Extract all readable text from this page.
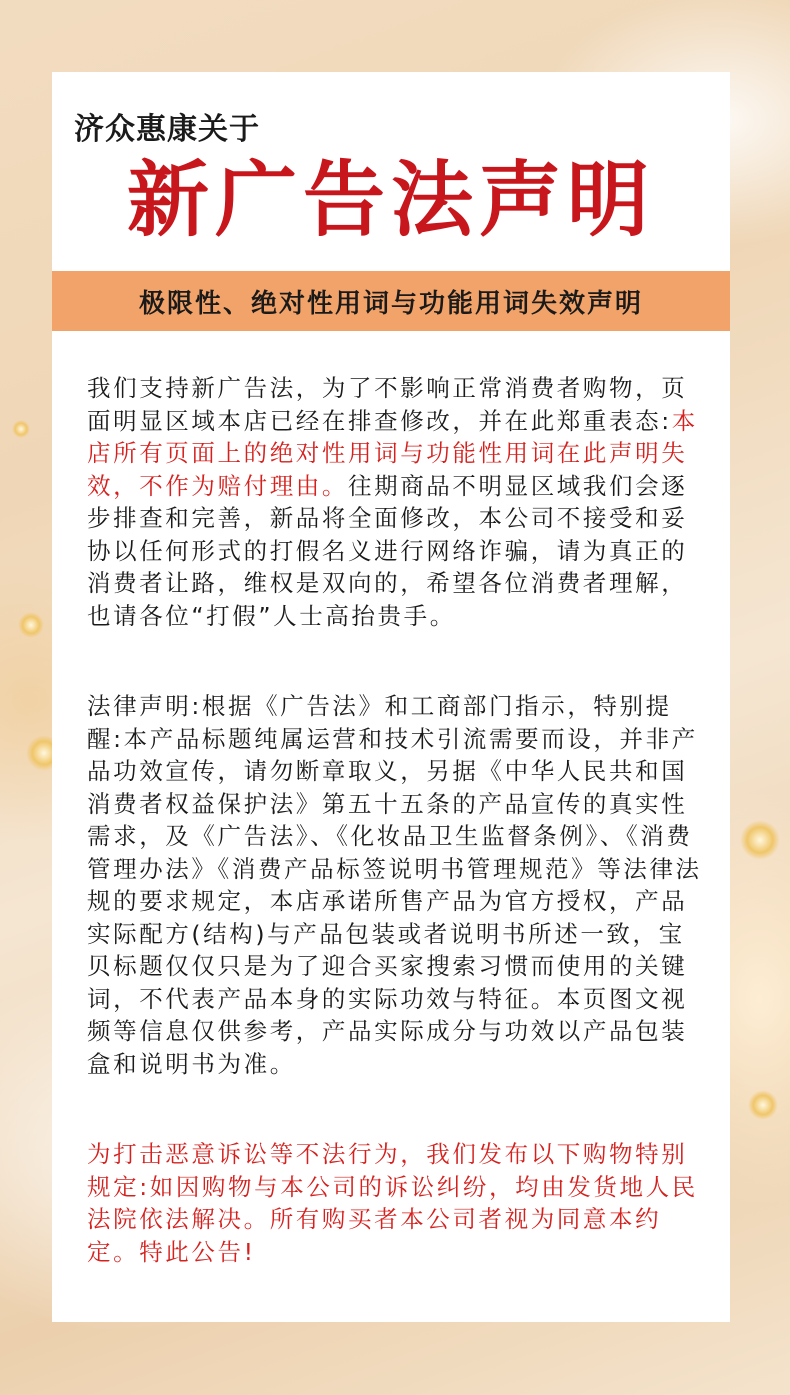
济众惠康关于
新广告法声明
极限性、绝对性用词与功能用词失效声明

我们支持新广告法，为了不影响正常消费者购物，页面明显区域本店已经在排查修改，并在此郑重表态:本店所有页面上的绝对性用词与功能性用词在此声明失效，不作为赔付理由。往期商品不明显区域我们会逐步排查和完善，新品将全面修改，本公司不接受和妥协以任何形式的打假名义进行网络诈骗，请为真正的消费者让路，维权是双向的，希望各位消费者理解，也请各位“打假”人士高抬贵手。

法律声明:根据《广告法》和工商部门指示，特别提醒:本产品标题纯属运营和技术引流需要而设，并非产品功效宣传，请勿断章取义，另据《中华人民共和国消费者权益保护法》第五十五条的产品宣传的真实性需求，及《广告法》、《化妆品卫生监督条例》、《消费管理办法》《消费产品标签说明书管理规范》等法律法规的要求规定，本店承诺所售产品为官方授权，产品实际配方(结构)与产品包装或者说明书所述一致，宝贝标题仅仅只是为了迎合买家搜索习惯而使用的关键词，不代表产品本身的实际功效与特征。本页图文视频等信息仅供参考，产品实际成分与功效以产品包装盒和说明书为准。

为打击恶意诉讼等不法行为，我们发布以下购物特别规定:如因购物与本公司的诉讼纠纷，均由发货地人民法院依法解决。所有购买者本公司者视为同意本约定。特此公告!
